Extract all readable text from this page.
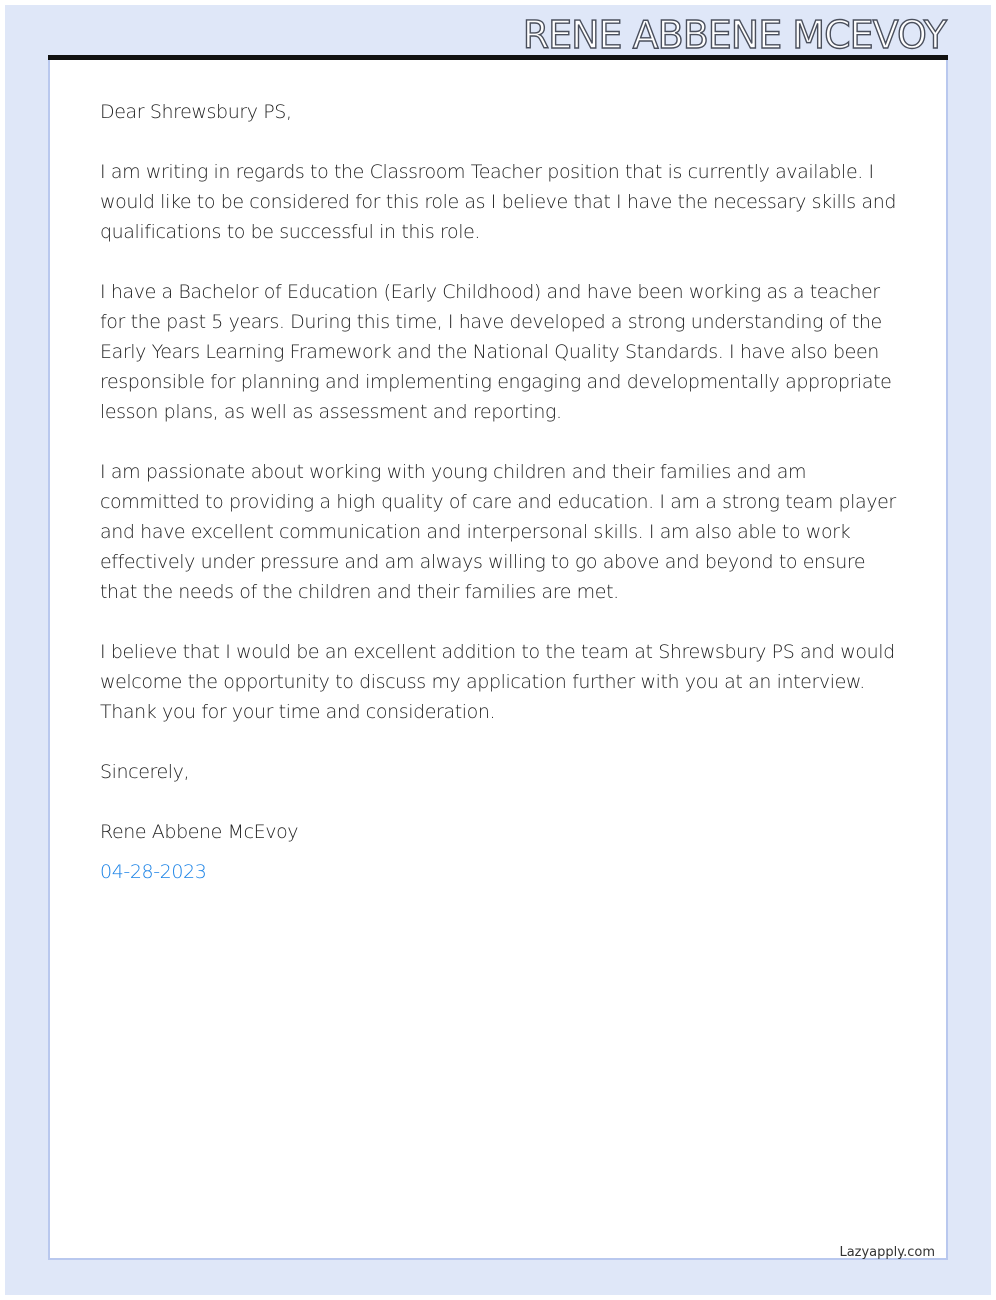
RENE ABBENE MCEVOY

Dear Shrewsbury PS,

I am writing in regards to the Classroom Teacher position that is currently available. I would like to be considered for this role as I believe that I have the necessary skills and qualifications to be successful in this role.

I have a Bachelor of Education (Early Childhood) and have been working as a teacher for the past 5 years. During this time, I have developed a strong understanding of the Early Years Learning Framework and the National Quality Standards. I have also been responsible for planning and implementing engaging and developmentally appropriate lesson plans, as well as assessment and reporting.

I am passionate about working with young children and their families and am committed to providing a high quality of care and education. I am a strong team player and have excellent communication and interpersonal skills. I am also able to work effectively under pressure and am always willing to go above and beyond to ensure that the needs of the children and their families are met.

I believe that I would be an excellent addition to the team at Shrewsbury PS and would welcome the opportunity to discuss my application further with you at an interview. Thank you for your time and consideration.

Sincerely,

Rene Abbene McEvoy

04-28-2023

Lazyapply.com
